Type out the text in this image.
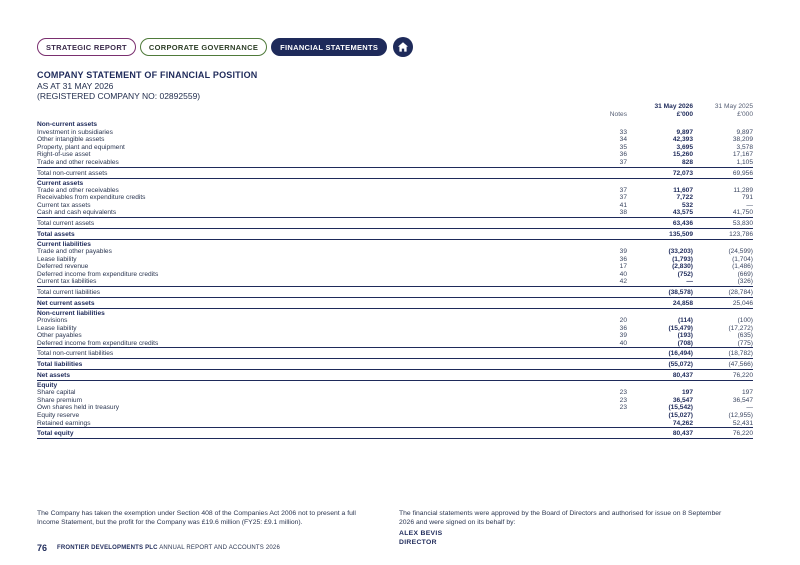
STRATEGIC REPORT	CORPORATE GOVERNANCE	FINANCIAL STATEMENTS
COMPANY STATEMENT OF FINANCIAL POSITION
AS AT 31 MAY 2026
(REGISTERED COMPANY NO: 02892559)
Notes
31 May 2026
£'000
31 May 2025
£'000
Non-current assets
Investment in subsidiaries	33	9,897	9,897
Other intangible assets	34	42,393	38,209
Property, plant and equipment	35	3,695	3,578
Right-of-use asset	36	15,260	17,167
Trade and other receivables	37	828	1,105
Total non-current assets	72,073	69,956
Current assets
Trade and other receivables	37	11,607	11,289
Receivables from expenditure credits	37	7,722	791
Current tax assets	41	532	—
Cash and cash equivalents	38	43,575	41,750
Total current assets	63,436	53,830
Total assets	135,509	123,786
Current liabilities
Trade and other payables	39	(33,203)	(24,599)
Lease liability	36	(1,793)	(1,704)
Deferred revenue	17	(2,830)	(1,486)
Deferred income from expenditure credits	40	(752)	(669)
Current tax liabilities	42	—	(326)
Total current liabilities	(38,578)	(28,784)
Net current assets	24,858	25,046
Non-current liabilities
Provisions	20	(114)	(100)
Lease liability	36	(15,479)	(17,272)
Other payables	39	(193)	(635)
Deferred income from expenditure credits	40	(708)	(775)
Total non-current liabilities	(16,494)	(18,782)
Total liabilities	(55,072)	(47,566)
Net assets	80,437	76,220
Equity
Share capital	23	197	197
Share premium	23	36,547	36,547
Own shares held in treasury	23	(15,542)	—
Equity reserve	(15,027)	(12,955)
Retained earnings	74,262	52,431
Total equity	80,437	76,220
The Company has taken the exemption under Section 408 of the Companies Act 2006 not to present a full Income Statement, but the profit for the Company was £19.6 million (FY25: £9.1 million).
The financial statements were approved by the Board of Directors and authorised for issue on 8 September 2026 and were signed on its behalf by:
ALEX BEVIS
DIRECTOR
76 FRONTIER DEVELOPMENTS PLC ANNUAL REPORT AND ACCOUNTS 2026
